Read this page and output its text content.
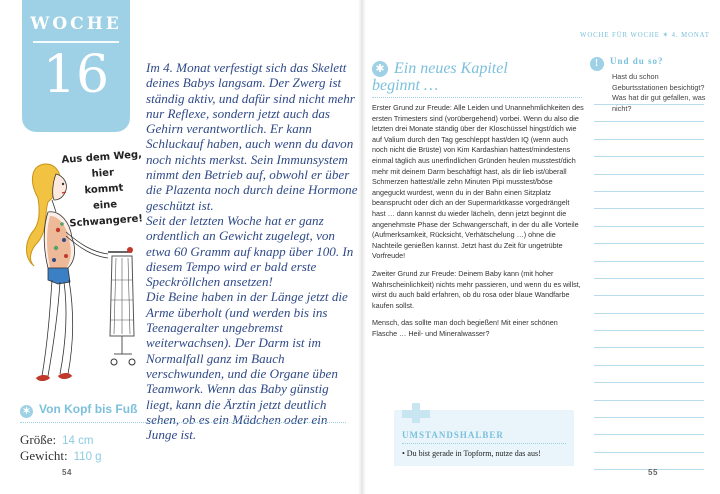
WOCHE
16	Im 4. Monat verfestigt sich das Skelett deines Babys langsam. Der Zwerg ist ständig aktiv, und dafür sind nicht mehr nur Reflexe, sondern jetzt auch das Gehirn verantwortlich. Er kann Schluckauf haben, auch wenn du davon noch nichts merkst. Sein Immunsystem nimmt den Betrieb auf, obwohl er über die Plazenta noch durch deine Hormone geschützt ist.

Seit der letzten Woche hat er ganz ordentlich an Gewicht zugelegt, von etwa 60 Gramm auf knapp über 100. In diesem Tempo wird er bald erste Speckröllchen ansetzen!

Die Beine haben in der Länge jetzt die Arme überholt (und werden bis ins Teenageralter ungebremst weiterwachsen). Der Darm ist im Normalfall ganz im Bauch verschwunden, und die Organe üben Teamwork. Wenn das Baby günstig liegt, kann die Ärztin jetzt deutlich sehen, ob es ein Mädchen oder ein Junge ist.

Aus dem Weg,
hier
kommt
eine
Schwangere!
✶ Von Kopf bis Fuß
Größe: 14 cm
Gewicht: 110 g
54
WOCHE FÜR WOCHE ✶ 4. MONAT
✱ Ein neues Kapitel
beginnt …

Erster Grund zur Freude: Alle Leiden und Unannehmlichkeiten des ersten Trimesters sind (vorübergehend) vorbei. Wenn du also die letzten drei Monate ständig über der Kloschüssel hingst/dich wie auf Valium durch den Tag geschleppt hast/den IQ (wenn auch noch nicht die Brüste) von Kim Kardashian hattest/mindestens einmal täglich aus unerfindlichen Gründen heulen musstest/dich mehr mit deinem Darm beschäftigt hast, als dir lieb ist/überall Schmerzen hattest/alle zehn Minuten Pipi musstest/böse angeguckt wurdest, wenn du in der Bahn einen Sitzplatz beansprucht oder dich an der Supermarktkasse vorgedrängelt hast … dann kannst du wieder lächeln, denn jetzt beginnt die angenehmste Phase der Schwangerschaft, in der du alle Vorteile (Aufmerksamkeit, Rücksicht, Verhätschelung …) ohne die Nachteile genießen kannst. Jetzt hast du Zeit für ungetrübte Vorfreude!

Zweiter Grund zur Freude: Deinem Baby kann (mit hoher Wahrscheinlichkeit) nichts mehr passieren, und wenn du es willst, wirst du auch bald erfahren, ob du rosa oder blaue Wandfarbe kaufen sollst.

Mensch, das sollte man doch begießen! Mit einer schönen Flasche … Heil- und Mineralwasser?

! Und du so?
Hast du schon Geburtsstationen besichtigt? Was hat dir gut gefallen, was nicht?
UMSTANDSHALBER
• Du bist gerade in Topform, nutze das aus!
55
